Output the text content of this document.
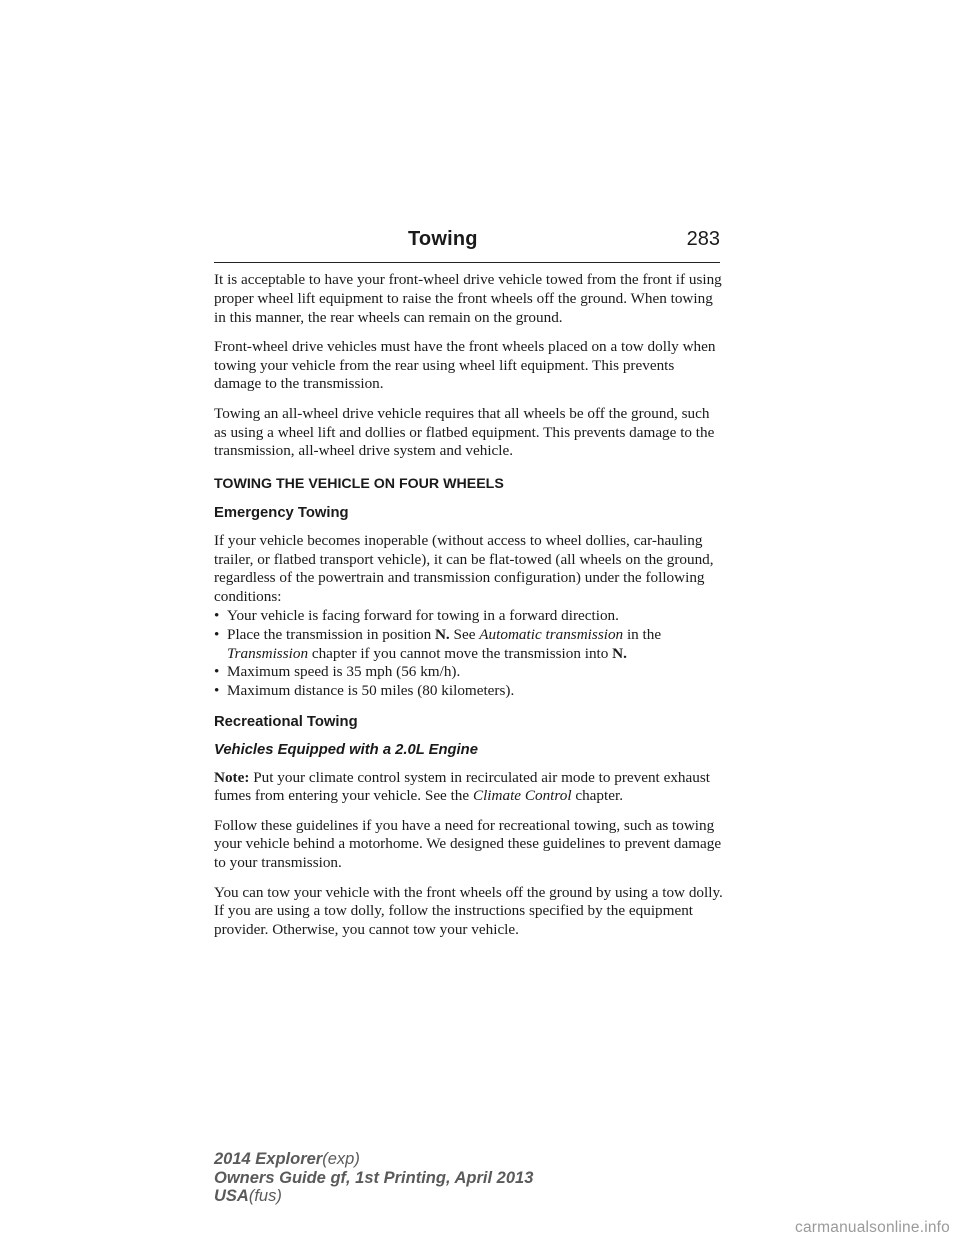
Towing	283

It is acceptable to have your front-wheel drive vehicle towed from the front if using proper wheel lift equipment to raise the front wheels off the ground. When towing in this manner, the rear wheels can remain on the ground.

Front-wheel drive vehicles must have the front wheels placed on a tow dolly when towing your vehicle from the rear using wheel lift equipment. This prevents damage to the transmission.

Towing an all-wheel drive vehicle requires that all wheels be off the ground, such as using a wheel lift and dollies or flatbed equipment. This prevents damage to the transmission, all-wheel drive system and vehicle.

TOWING THE VEHICLE ON FOUR WHEELS

Emergency Towing

If your vehicle becomes inoperable (without access to wheel dollies, car-hauling trailer, or flatbed transport vehicle), it can be flat-towed (all wheels on the ground, regardless of the powertrain and transmission configuration) under the following conditions:

• Your vehicle is facing forward for towing in a forward direction.
• Place the transmission in position N. See Automatic transmission in the Transmission chapter if you cannot move the transmission into N.
• Maximum speed is 35 mph (56 km/h).
• Maximum distance is 50 miles (80 kilometers).

Recreational Towing

Vehicles Equipped with a 2.0L Engine

Note: Put your climate control system in recirculated air mode to prevent exhaust fumes from entering your vehicle. See the Climate Control chapter.

Follow these guidelines if you have a need for recreational towing, such as towing your vehicle behind a motorhome. We designed these guidelines to prevent damage to your transmission.

You can tow your vehicle with the front wheels off the ground by using a tow dolly. If you are using a tow dolly, follow the instructions specified by the equipment provider. Otherwise, you cannot tow your vehicle.

2014 Explorer(exp)
Owners Guide gf, 1st Printing, April 2013
USA(fus)
carmanualsonline.info
